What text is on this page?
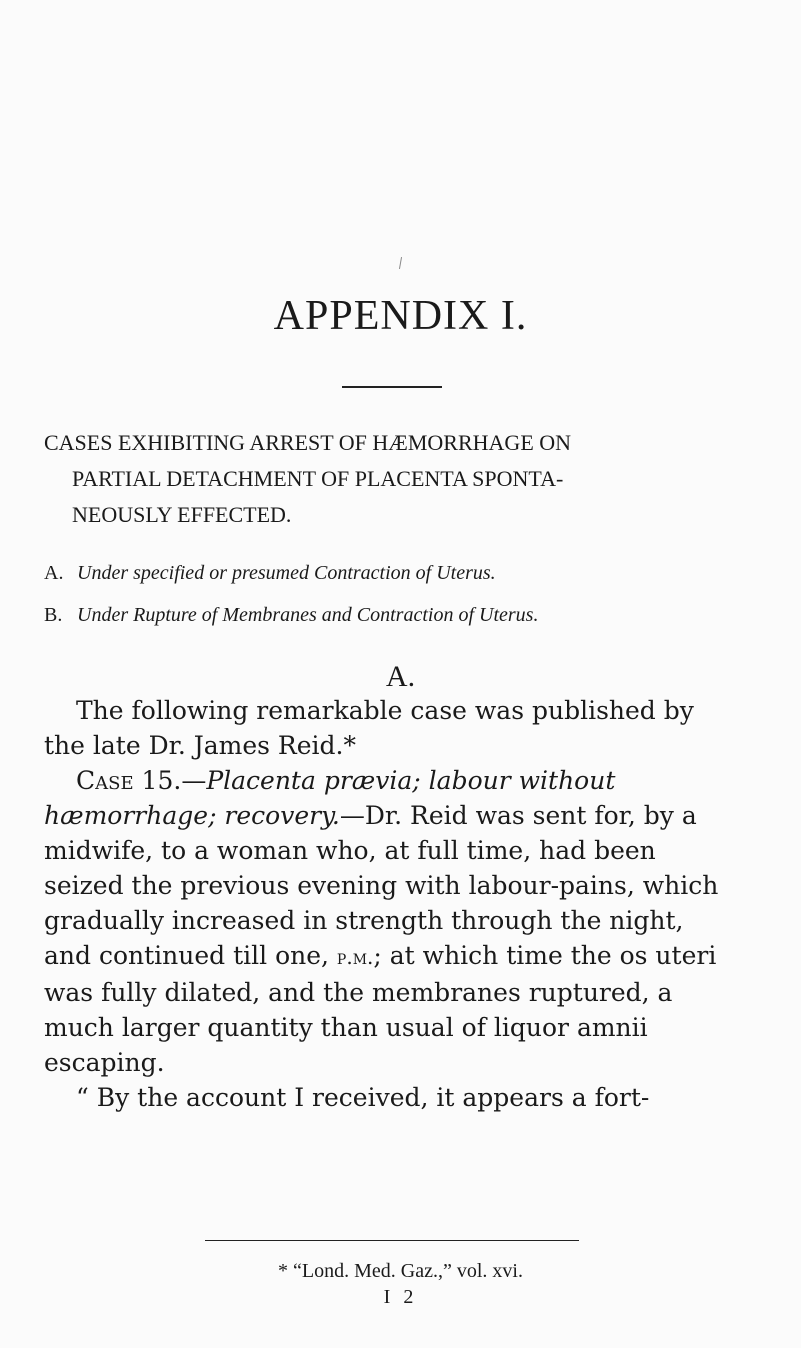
APPENDIX I.
CASES EXHIBITING ARREST OF HÆMORRHAGE ON
PARTIAL DETACHMENT OF PLACENTA SPONTA-
NEOUSLY EFFECTED.
A. Under specified or presumed Contraction of Uterus.
B. Under Rupture of Membranes and Contraction of Uterus.
A.

The following remarkable case was published by the late Dr. James Reid.*

Case 15.—Placenta prævia; labour without hæmorrhage; recovery.—Dr. Reid was sent for, by a midwife, to a woman who, at full time, had been seized the previous evening with labour-pains, which gradually increased in strength through the night, and continued till one, p.m.; at which time the os uteri was fully dilated, and the membranes ruptured, a much larger quantity than usual of liquor amnii escaping.

“ By the account I received, it appears a fort-

* “Lond. Med. Gaz.,” vol. xvi.
I 2
